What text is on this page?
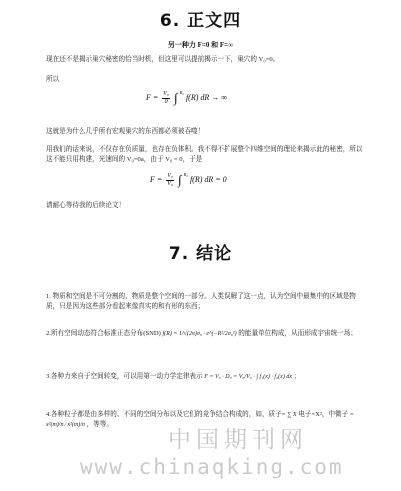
6. 正文四
另一种力 F=0 和 F=∞
现在还不是揭示巢穴秘密的恰当时机，但这里可以提前揭示一下，巢穴的 V₀=0。
所以
$F = \frac{\text{V₀}}{0}$ ∫ $^{R_2}$ f(R) dR → ∞
这就是为什么几乎所有宏观巢穴的东西都必须被吞噬！
用我们的话来说，不仅存在负质量，也存在负体积。我不得不扩展整个四维空间的理论来揭示此的秘密，所以这不能只用构建，光速间的 V₀=0a，由于 V₀ = 0，于是
$F = \frac{\text{V₀}}{\text{V₀}}$ ∫ $^{R_2}$ f(R) dR = 0
请耐心等待我的后续论文！
7. 结论
1. 物质和空间是不可分割的，物质是整个空间的一部分。人类误解了这一点，认为空间中最集中的区域是物质，只是因为这些部分看起来像真实的和有形的东西；
2.所有空间动态符合标准正态分布(SND) f(R) = 1/√(2π)σ₀ · e^(−R²/2σ₀²) 的能量单位构成，从而形成宇宙统一场；
3.各种力来自于空间转变，可以用第一动力学定律表示 F = V₀ · D₀ = V₀/V₀ · ∫ f₁(x) · f₂(x) dx ；
4.各种粒子都是由多样的、不同的空间分布以及它们的竞争结合构成的，如，质子= ∑ X 电子=X²，中微子 = x²(m)/n ⁄ x²(m)/n ，等等。
中国期刊网
www.chinaqking.com
